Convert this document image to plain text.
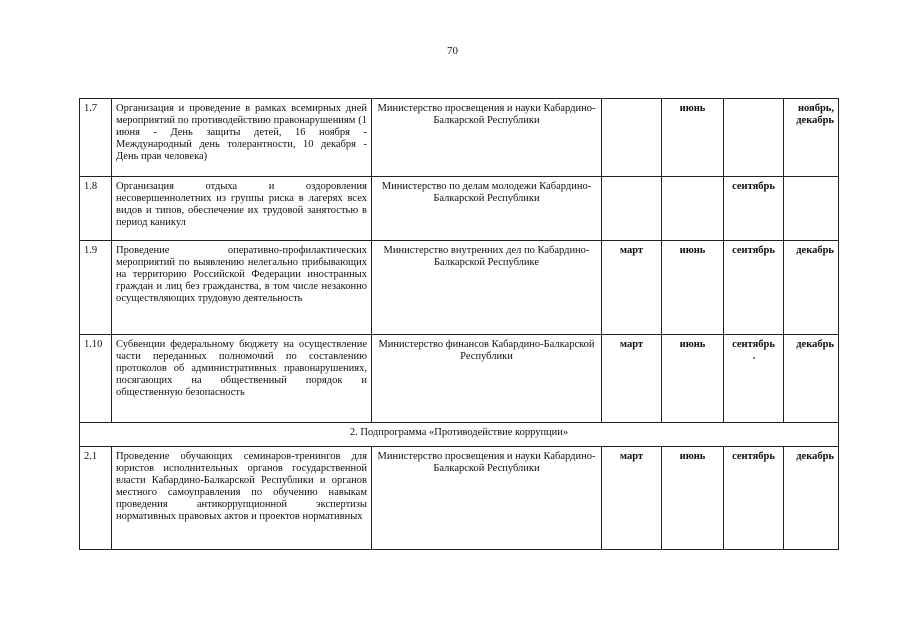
70
1.7	Организация и проведение в рамках всемирных дней мероприятий по противодействию правонарушениям (1 июня - День защиты детей, 16 ноября - Международный день толерантности, 10 декабря - День прав человека)	Министерство просвещения и науки Кабардино-Балкарской Республики		июнь		ноябрь, декабрь
1.8	Организация отдыха и оздоровления несовершеннолетних из группы риска в лагерях всех видов и типов, обеспечение их трудовой занятостью в период каникул	Министерство по делам молодежи Кабардино-Балкарской Республики			сентябрь	
1.9	Проведение оперативно-профилактических мероприятий по выявлению нелегально прибывающих на территорию Российской Федерации иностранных граждан и лиц без гражданства, в том числе незаконно осуществляющих трудовую деятельность	Министерство внутренних дел по Кабардино-Балкарской Республике	март	июнь	сентябрь	декабрь
1.10	Субвенции федеральному бюджету на осуществление части переданных полномочий по составлению протоколов об административных правонарушениях, посягающих на общественный порядок и общественную безопасность	Министерство финансов Кабардино-Балкарской Республики	март	июнь	сентябрь	декабрь
2. Подпрограмма «Противодействие коррупции»						
2.1	Проведение обучающих семинаров-тренингов для юристов исполнительных органов государственной власти Кабардино-Балкарской Республики и органов местного самоуправления по обучению навыкам проведения антикоррупционной экспертизы нормативных правовых актов и проектов нормативных	Министерство просвещения и науки Кабардино-Балкарской Республики	март	июнь	сентябрь	декабрь
